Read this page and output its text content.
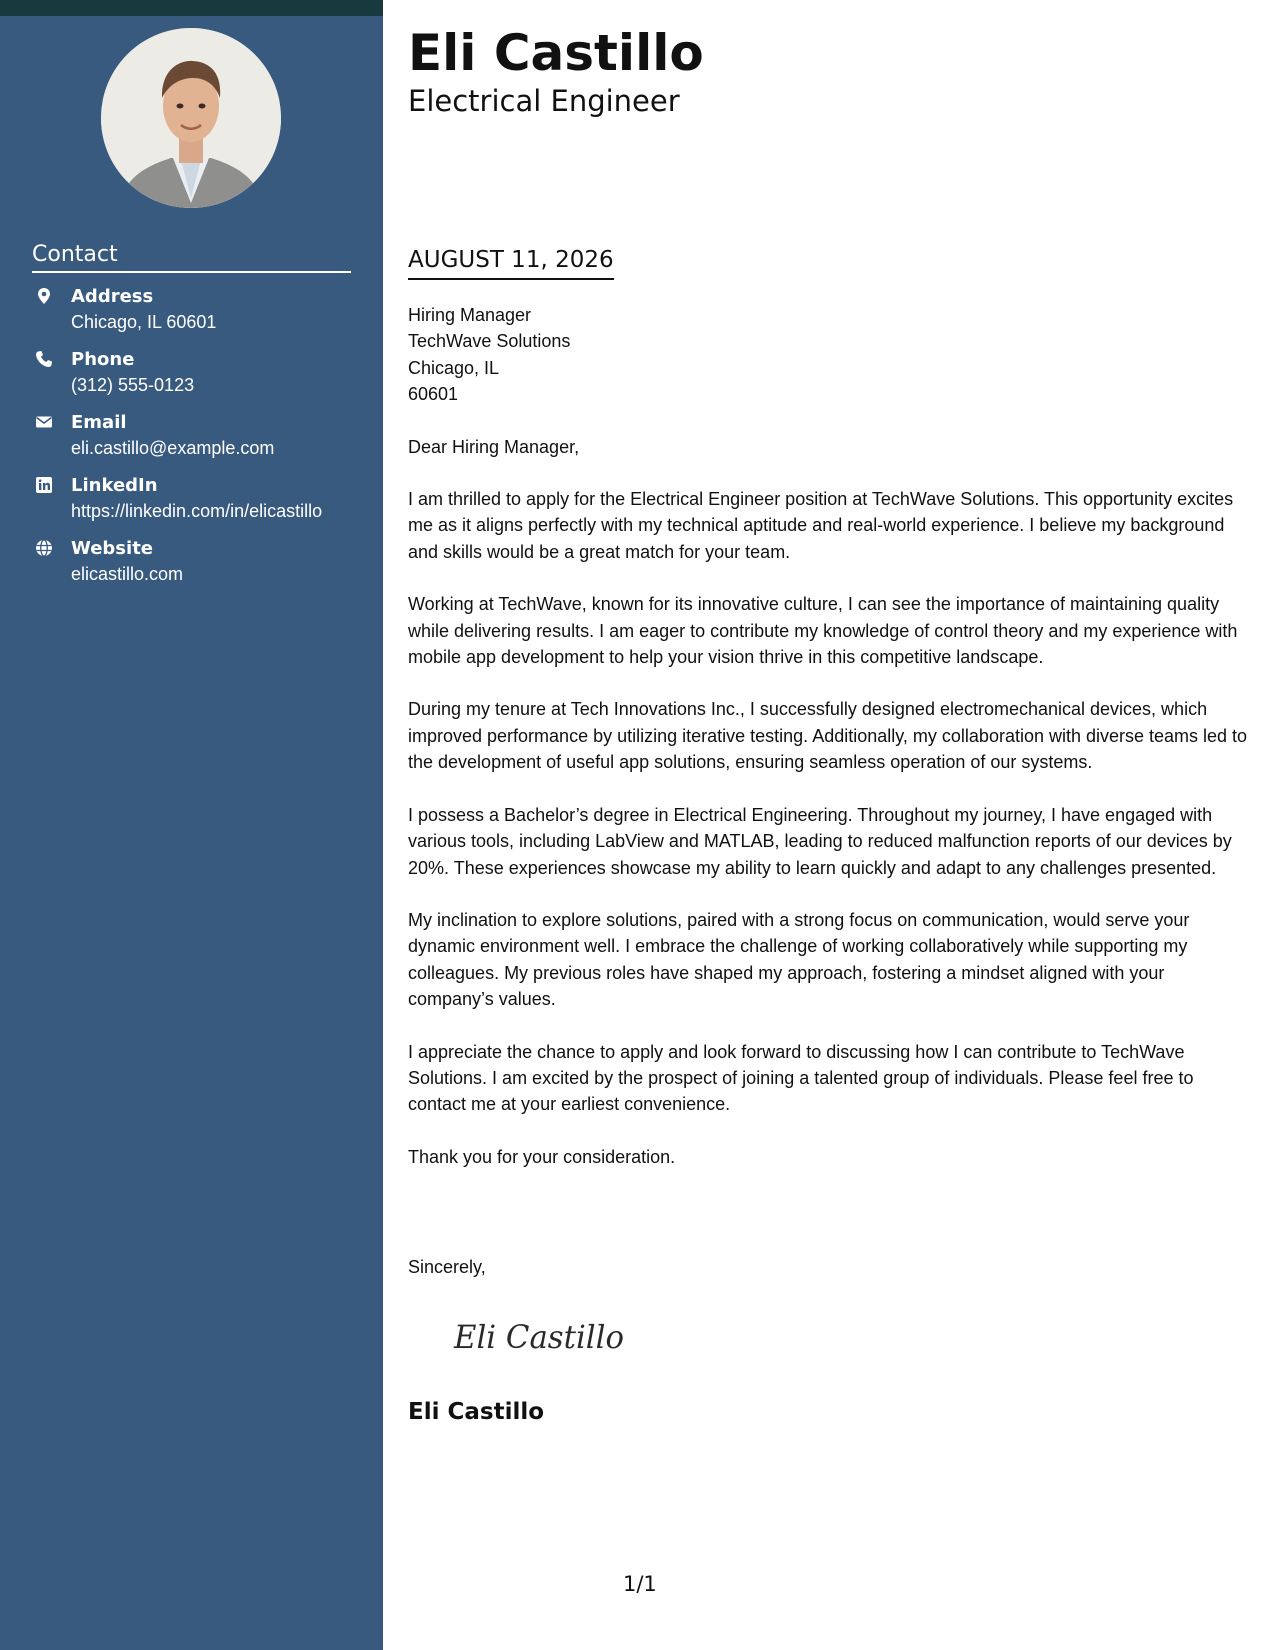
Contact
Address
Chicago, IL 60601
Phone
(312) 555-0123
Email
eli.castillo@example.com
LinkedIn
https://linkedin.com/in/elicastillo
Website
elicastillo.com
Eli Castillo
Electrical Engineer
AUGUST 11, 2026

Hiring Manager
TechWave Solutions
Chicago, IL
60601

Dear Hiring Manager,

I am thrilled to apply for the Electrical Engineer position at TechWave Solutions. This opportunity excites me as it aligns perfectly with my technical aptitude and real-world experience. I believe my background and skills would be a great match for your team.

Working at TechWave, known for its innovative culture, I can see the importance of maintaining quality while delivering results. I am eager to contribute my knowledge of control theory and my experience with mobile app development to help your vision thrive in this competitive landscape.

During my tenure at Tech Innovations Inc., I successfully designed electromechanical devices, which improved performance by utilizing iterative testing. Additionally, my collaboration with diverse teams led to the development of useful app solutions, ensuring seamless operation of our systems.

I possess a Bachelor’s degree in Electrical Engineering. Throughout my journey, I have engaged with various tools, including LabView and MATLAB, leading to reduced malfunction reports of our devices by 20%. These experiences showcase my ability to learn quickly and adapt to any challenges presented.

My inclination to explore solutions, paired with a strong focus on communication, would serve your dynamic environment well. I embrace the challenge of working collaboratively while supporting my colleagues. My previous roles have shaped my approach, fostering a mindset aligned with your company’s values.

I appreciate the chance to apply and look forward to discussing how I can contribute to TechWave Solutions. I am excited by the prospect of joining a talented group of individuals. Please feel free to contact me at your earliest convenience.

Thank you for your consideration.

Sincerely,
Eli Castillo
Eli Castillo
1/1
